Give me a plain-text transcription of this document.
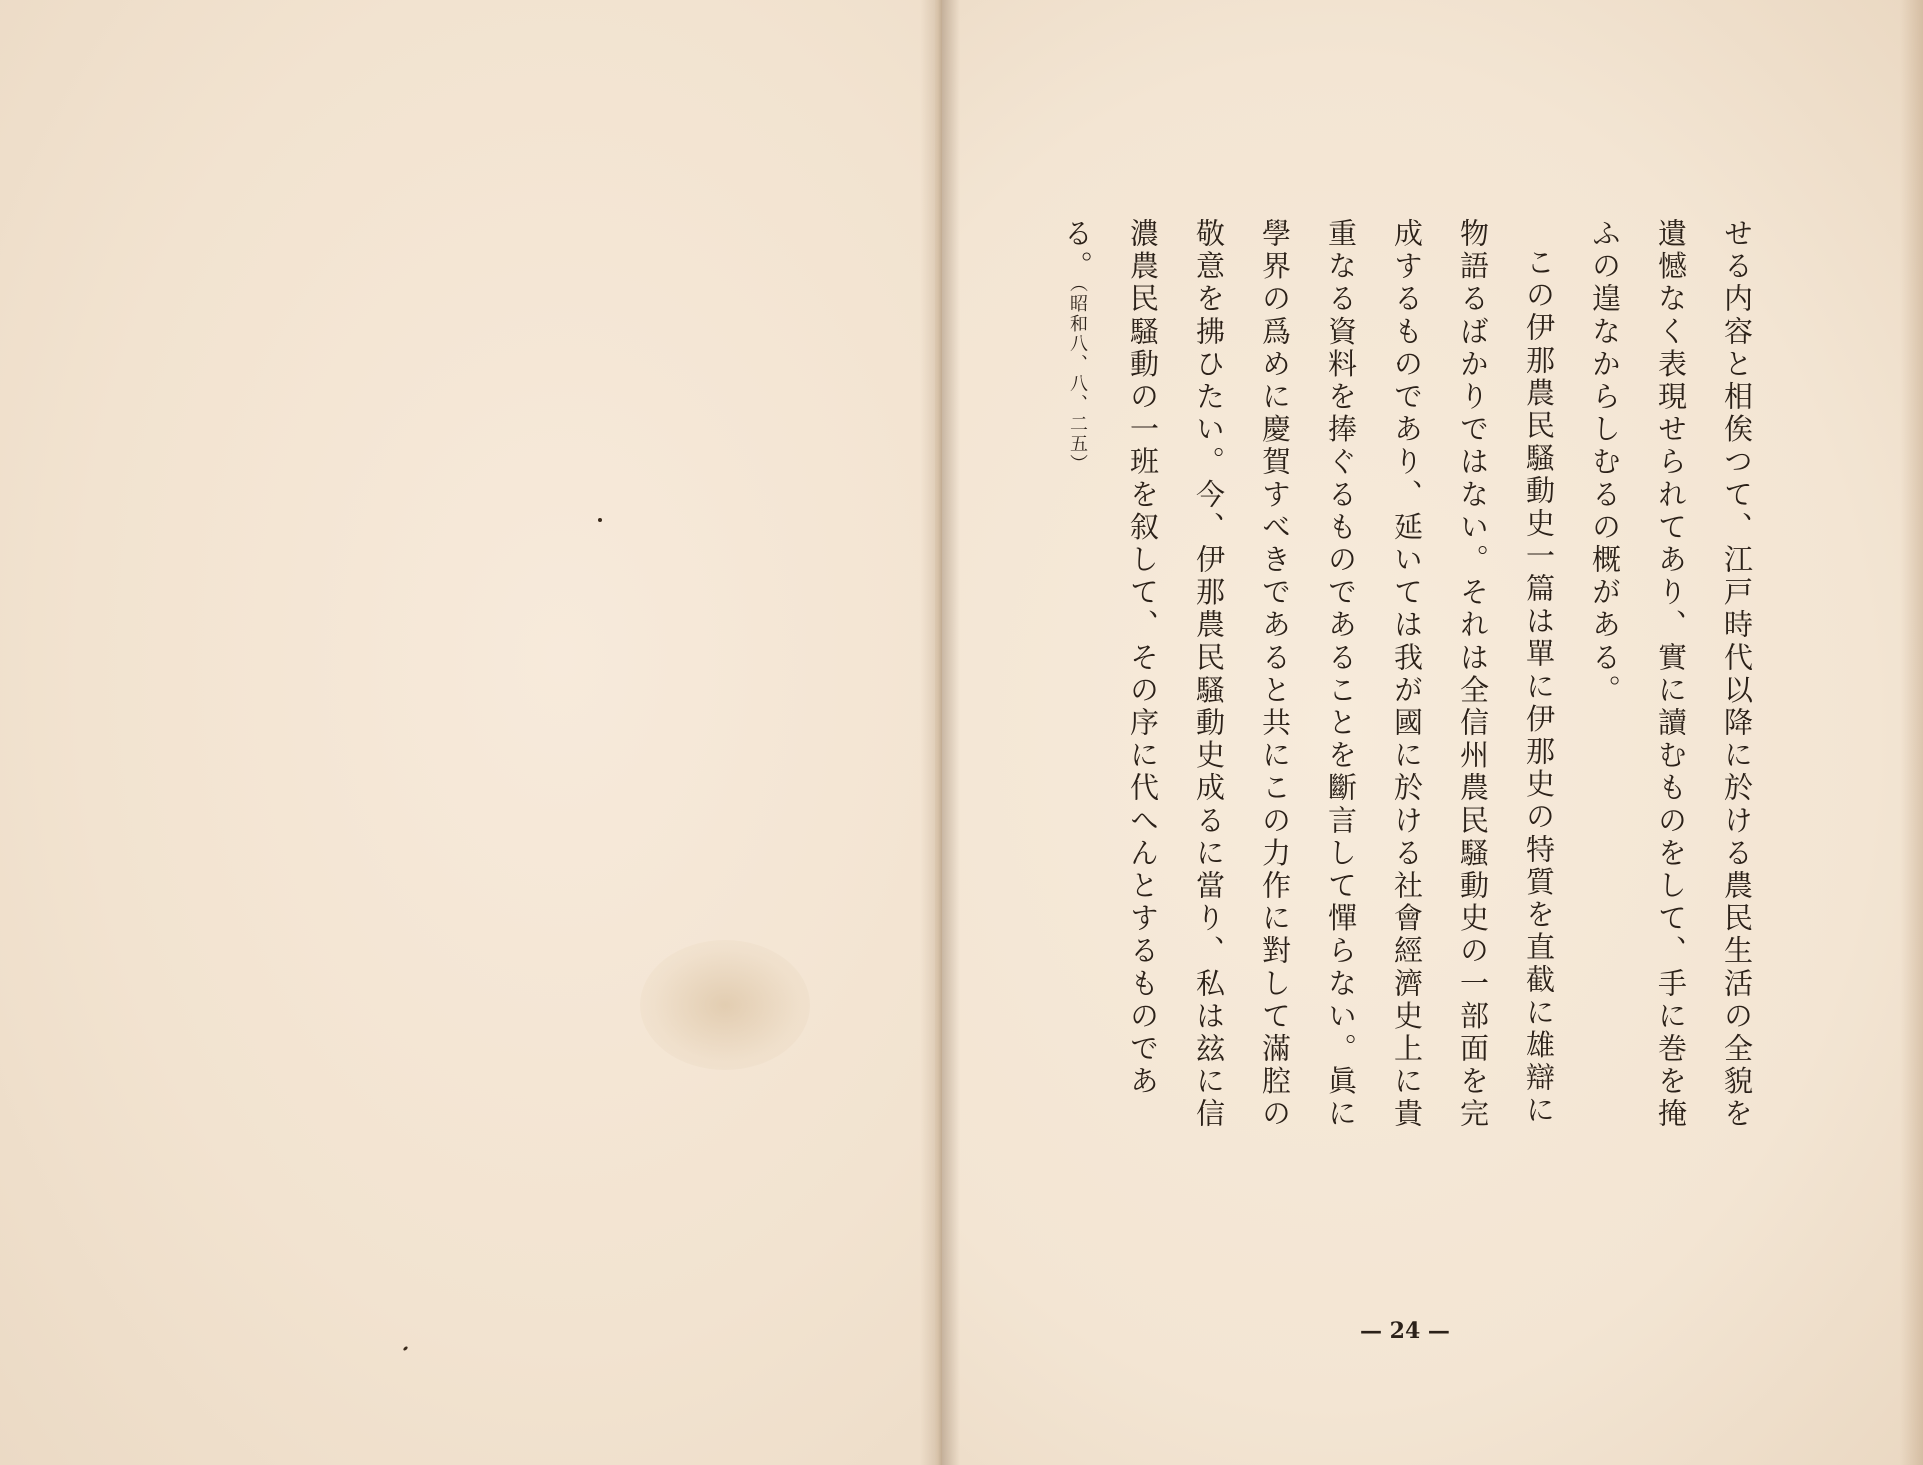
せる内容と相俟つて、江戸時代以降に於ける農民生活の全貌を遺憾なく表現せられてあり、實に讀むものをして、手に巻を掩ふの遑なからしむるの概がある。

この伊那農民騷動史一篇は單に伊那史の特質を直截に雄辯に物語るばかりではない。それは全信州農民騷動史の一部面を完成するものであり、延いては我が國に於ける社會經濟史上に貴重なる資料を捧ぐるものであることを斷言して憚らない。眞に學界の爲めに慶賀すべきであると共にこの力作に對して滿腔の敬意を拂ひたい。今、伊那農民騷動史成るに當り、私は玆に信濃農民騷動の一班を叙して、その序に代へんとするものである。（昭和八、八、二五）

— 24 —
